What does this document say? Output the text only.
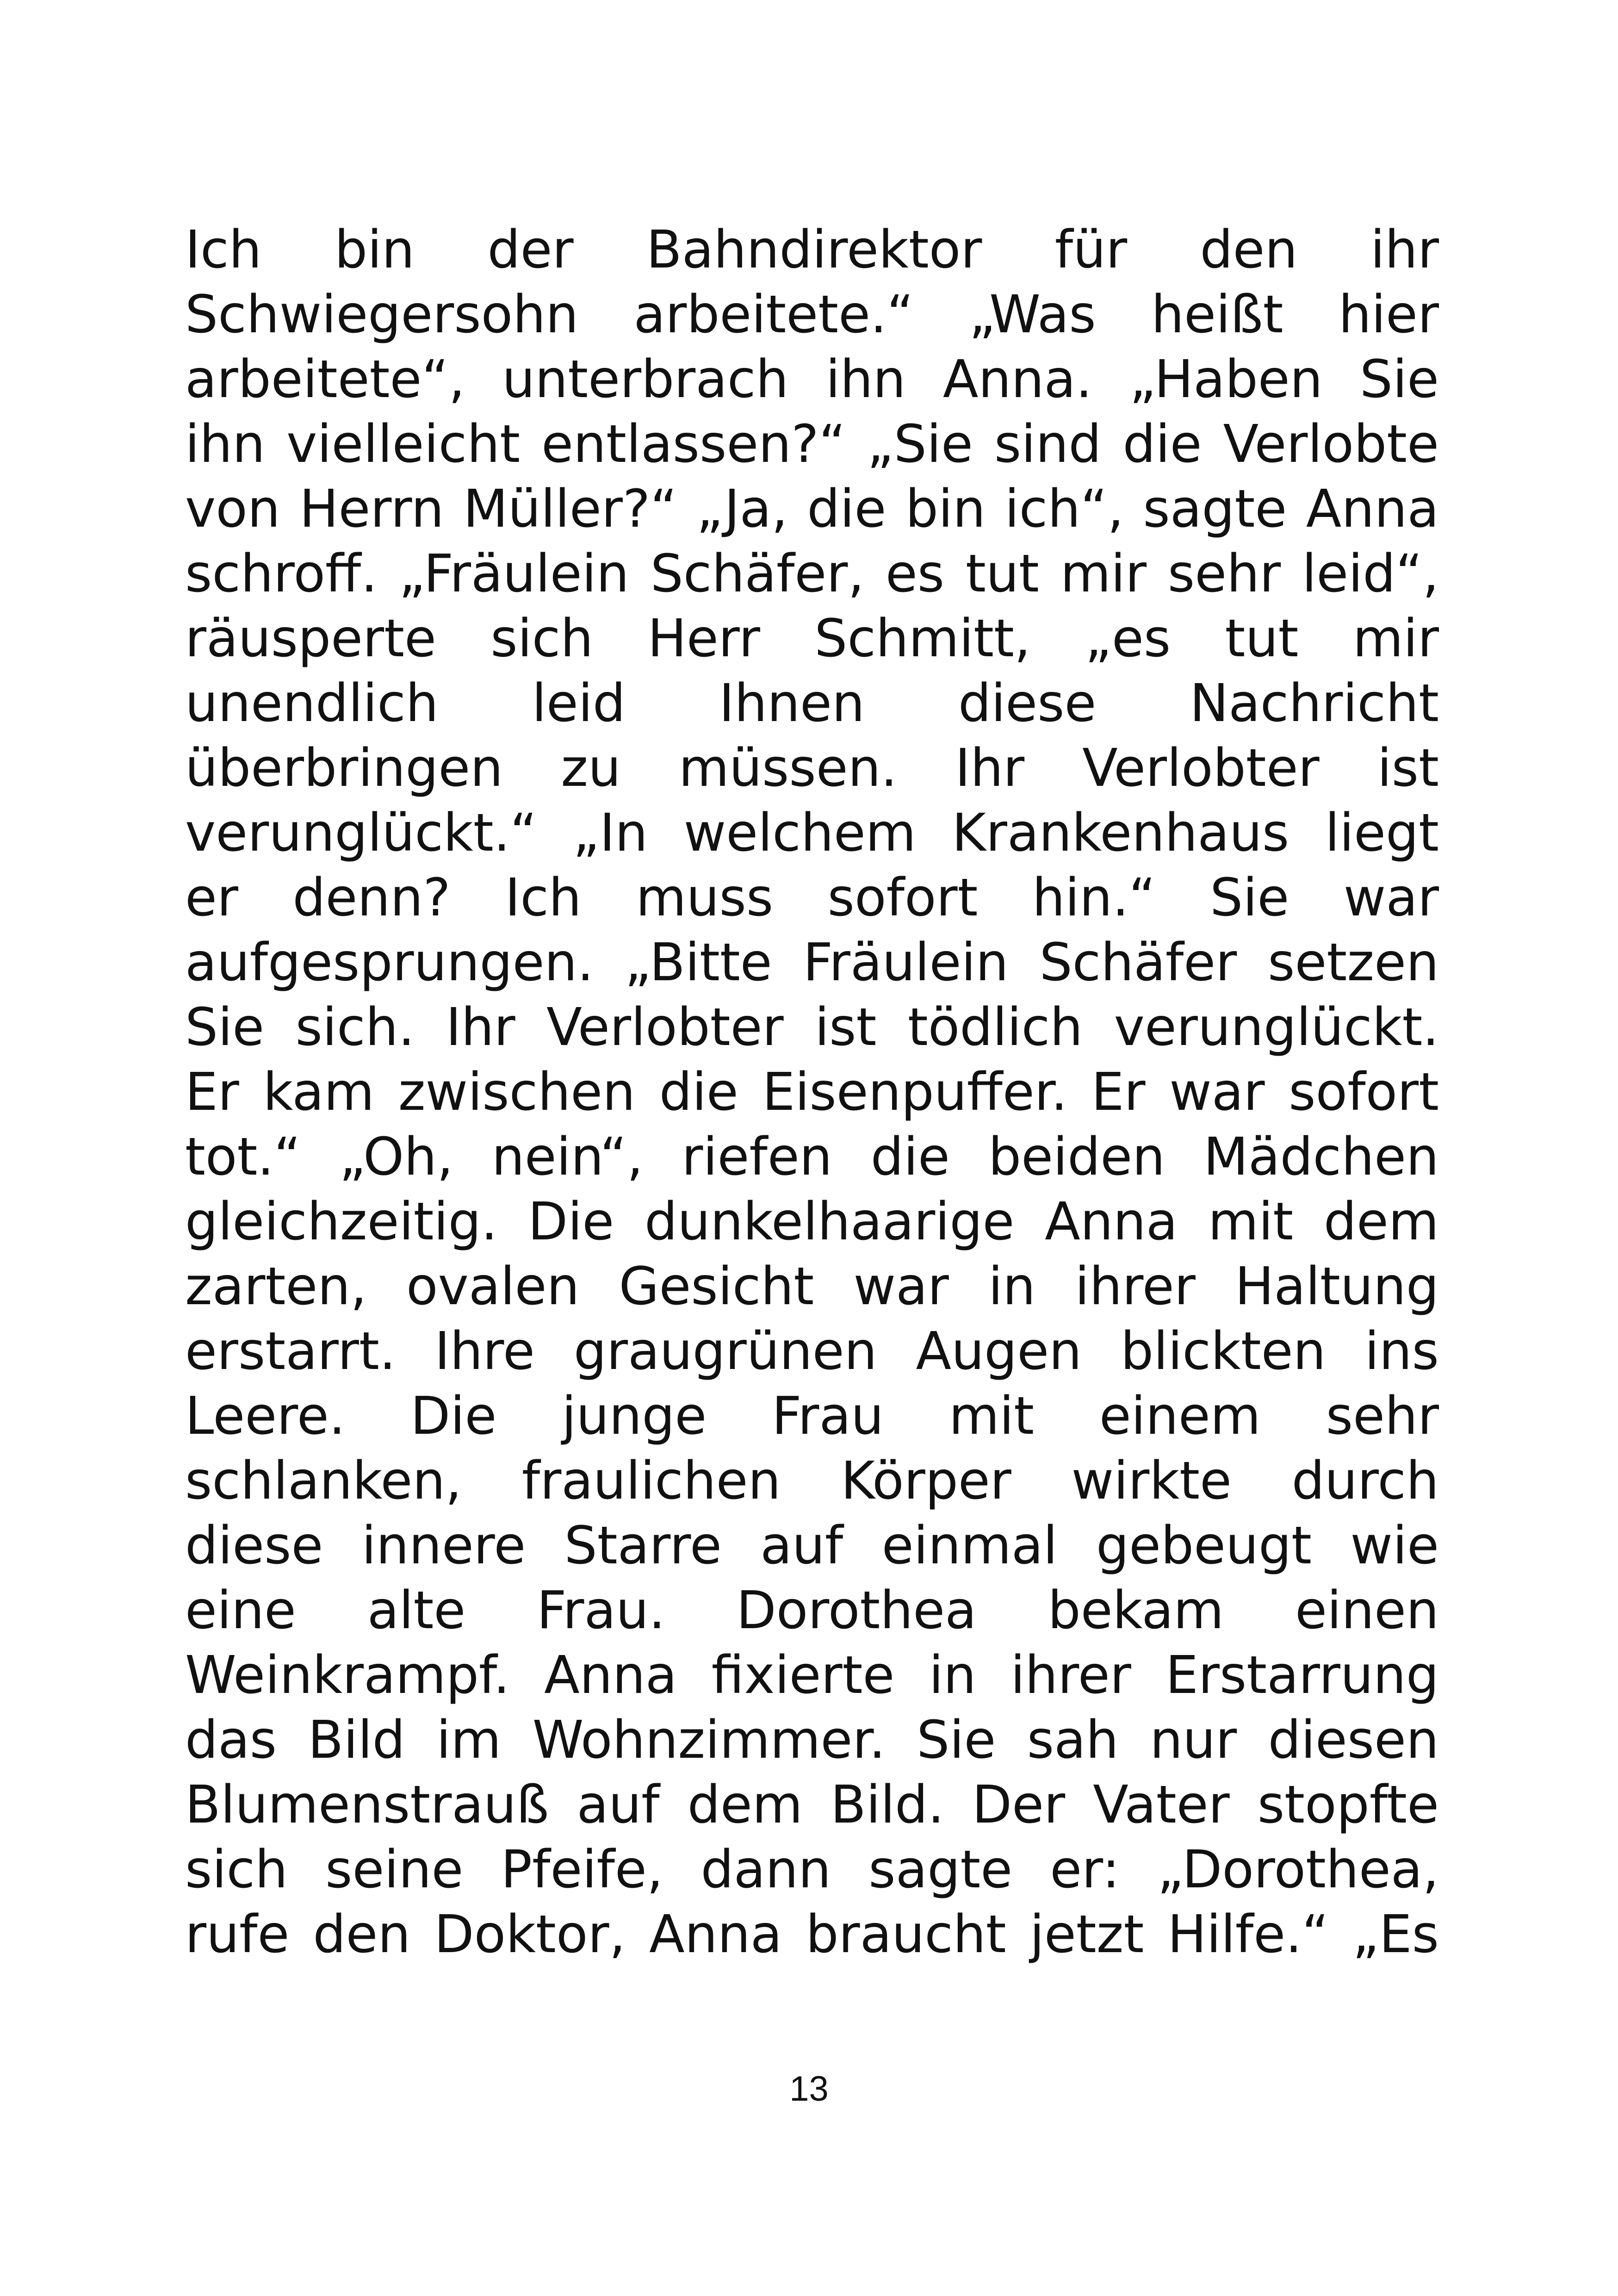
Ich bin der Bahndirektor für den ihr
Schwiegersohn arbeitete.“ „Was heißt hier
arbeitete“, unterbrach ihn Anna. „Haben Sie
ihn vielleicht entlassen?“ „Sie sind die Verlobte
von Herrn Müller?“ „Ja, die bin ich“, sagte Anna
schroff. „Fräulein Schäfer, es tut mir sehr leid“,
räusperte sich Herr Schmitt, „es tut mir
unendlich leid Ihnen diese Nachricht
überbringen zu müssen. Ihr Verlobter ist
verunglückt.“ „In welchem Krankenhaus liegt
er denn? Ich muss sofort hin.“ Sie war
aufgesprungen. „Bitte Fräulein Schäfer setzen
Sie sich. Ihr Verlobter ist tödlich verunglückt.
Er kam zwischen die Eisenpuffer. Er war sofort
tot.“ „Oh, nein“, riefen die beiden Mädchen
gleichzeitig. Die dunkelhaarige Anna mit dem
zarten, ovalen Gesicht war in ihrer Haltung
erstarrt. Ihre graugrünen Augen blickten ins
Leere. Die junge Frau mit einem sehr
schlanken, fraulichen Körper wirkte durch
diese innere Starre auf einmal gebeugt wie
eine alte Frau. Dorothea bekam einen
Weinkrampf. Anna fixierte in ihrer Erstarrung
das Bild im Wohnzimmer. Sie sah nur diesen
Blumenstrauß auf dem Bild. Der Vater stopfte
sich seine Pfeife, dann sagte er: „Dorothea,
rufe den Doktor, Anna braucht jetzt Hilfe.“ „Es
13
